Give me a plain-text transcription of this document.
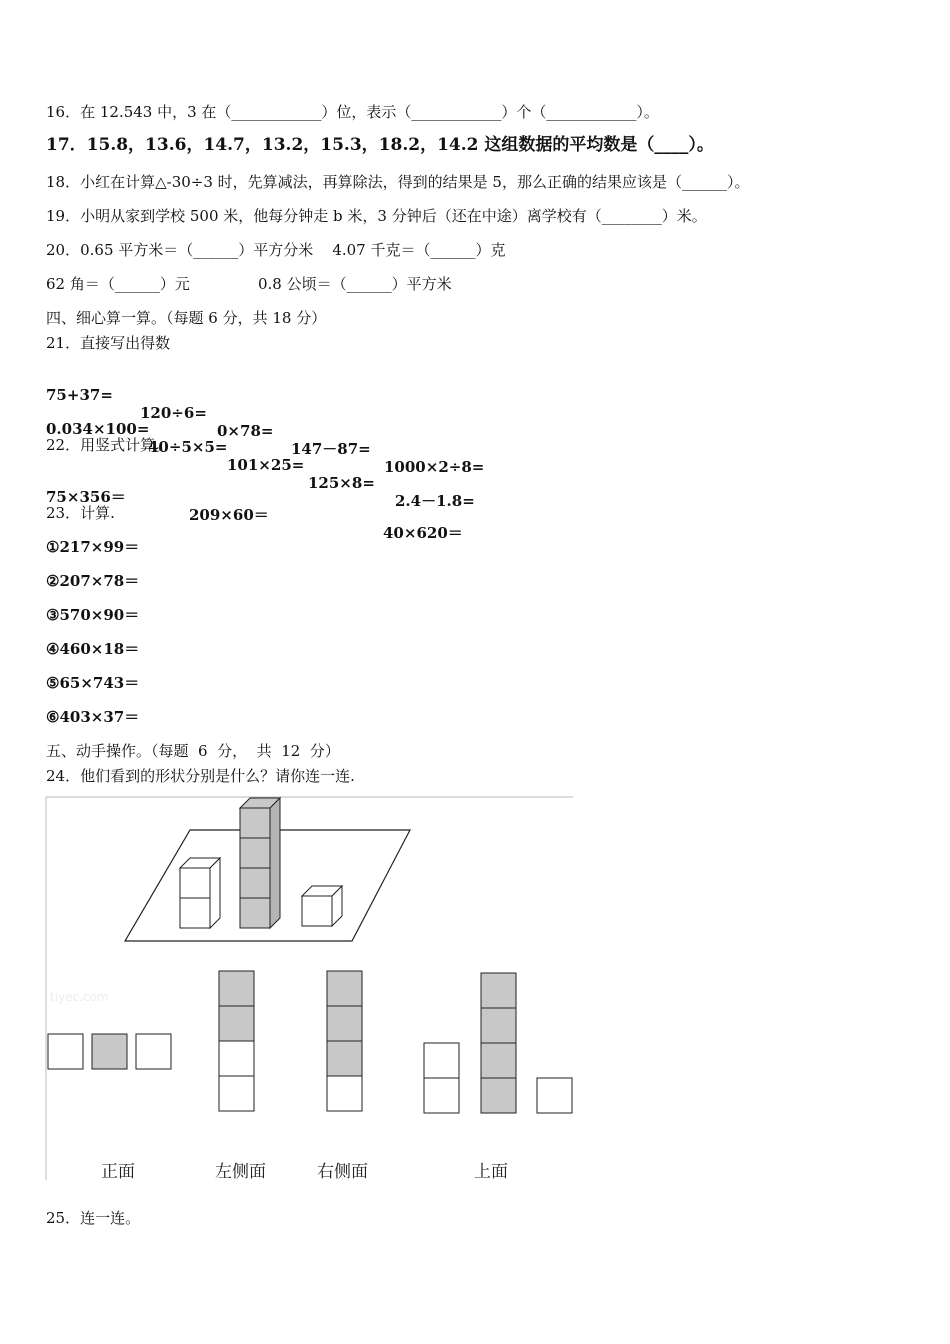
16．在 12.543 中，3 在（____________）位，表示（____________）个（____________）。
17．15.8，13.6，14.7，13.2，15.3，18.2，14.2 这组数据的平均数是（____）。
18．小红在计算△-30÷3 时，先算减法，再算除法，得到的结果是 5，那么正确的结果应该是（______）。
19．小明从家到学校 500 米，他每分钟走 b 米，3 分钟后（还在中途）离学校有（________）米。
20．0.65 平方米＝（______）平方分米    4.07 千克＝（______）克
62 角＝（______）元	0.8 公顷＝（______）平方米
四、细心算一算。（每题 6 分，共 18 分）
21．直接写出得数

75+37=

120÷6=

0×78=

147－87=

1000×2÷8=

0.034×100=

40÷5×5=

101×25=

125×8=

2.4－1.8=

22．用竖式计算。

75×356＝

209×60＝

40×620＝

23．计算.
①217×99＝
②207×78＝
③570×90＝
④460×18＝
⑤65×743＝
⑥403×37＝
五、动手操作。（每题  6  分，  共  12  分）
24．他们看到的形状分别是什么？请你连一连.
tiyec.com
正面	左侧面	右侧面	上面
25．连一连。
